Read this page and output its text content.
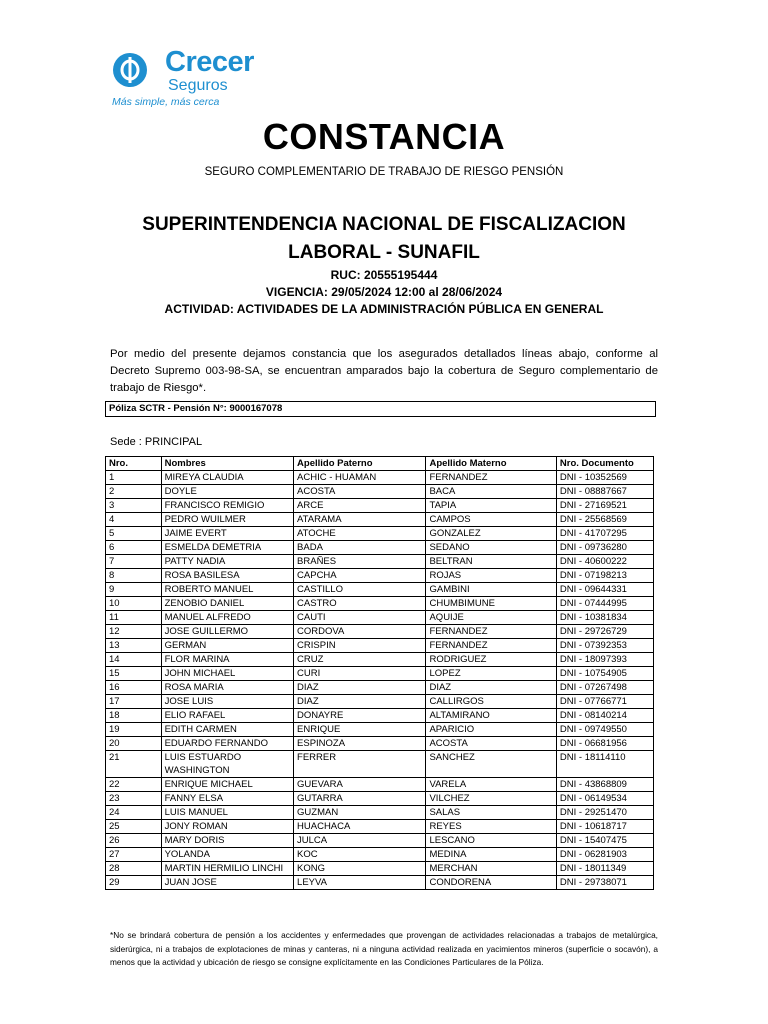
Crecer
Seguros
Más simple, más cerca
CONSTANCIA
SEGURO COMPLEMENTARIO DE TRABAJO DE RIESGO PENSIÓN
SUPERINTENDENCIA NACIONAL DE FISCALIZACION LABORAL - SUNAFIL
RUC: 20555195444
VIGENCIA: 29/05/2024 12:00 al 28/06/2024
ACTIVIDAD: ACTIVIDADES DE LA ADMINISTRACIÓN PÚBLICA EN GENERAL
Por medio del presente dejamos constancia que los asegurados detallados líneas abajo, conforme al Decreto Supremo 003-98-SA, se encuentran amparados bajo la cobertura de Seguro complementario de trabajo de Riesgo*.
Póliza SCTR - Pensión N°: 9000167078
Sede : PRINCIPAL
Nro.	Nombres	Apellido Paterno	Apellido Materno	Nro. Documento
1	MIREYA CLAUDIA	ACHIC - HUAMAN	FERNANDEZ	DNI - 10352569
2	DOYLE	ACOSTA	BACA	DNI - 08887667
3	FRANCISCO REMIGIO	ARCE	TAPIA	DNI - 27169521
4	PEDRO WUILMER	ATARAMA	CAMPOS	DNI - 25568569
5	JAIME EVERT	ATOCHE	GONZALEZ	DNI - 41707295
6	ESMELDA DEMETRIA	BADA	SEDANO	DNI - 09736280
7	PATTY NADIA	BRAÑES	BELTRAN	DNI - 40600222
8	ROSA BASILESA	CAPCHA	ROJAS	DNI - 07198213
9	ROBERTO MANUEL	CASTILLO	GAMBINI	DNI - 09644331
10	ZENOBIO DANIEL	CASTRO	CHUMBIMUNE	DNI - 07444995
11	MANUEL ALFREDO	CAUTI	AQUIJE	DNI - 10381834
12	JOSE GUILLERMO	CORDOVA	FERNANDEZ	DNI - 29726729
13	GERMAN	CRISPIN	FERNANDEZ	DNI - 07392353
14	FLOR MARINA	CRUZ	RODRIGUEZ	DNI - 18097393
15	JOHN MICHAEL	CURI	LOPEZ	DNI - 10754905
16	ROSA MARIA	DIAZ	DIAZ	DNI - 07267498
17	JOSE LUIS	DIAZ	CALLIRGOS	DNI - 07766771
18	ELIO RAFAEL	DONAYRE	ALTAMIRANO	DNI - 08140214
19	EDITH CARMEN	ENRIQUE	APARICIO	DNI - 09749550
20	EDUARDO FERNANDO	ESPINOZA	ACOSTA	DNI - 06681956
21	LUIS ESTUARDO WASHINGTON	FERRER	SANCHEZ	DNI - 18114110
22	ENRIQUE MICHAEL	GUEVARA	VARELA	DNI - 43868809
23	FANNY ELSA	GUTARRA	VILCHEZ	DNI - 06149534
24	LUIS MANUEL	GUZMAN	SALAS	DNI - 29251470
25	JONY ROMAN	HUACHACA	REYES	DNI - 10618717
26	MARY DORIS	JULCA	LESCANO	DNI - 15407475
27	YOLANDA	KOC	MEDINA	DNI - 06281903
28	MARTIN HERMILIO LINCHI	KONG	MERCHAN	DNI - 18011349
29	JUAN JOSE	LEYVA	CONDORENA	DNI - 29738071
*No se brindará cobertura de pensión a los accidentes y enfermedades que provengan de actividades relacionadas a trabajos de metalúrgica, siderúrgica, ni a trabajos de explotaciones de minas y canteras, ni a ninguna actividad realizada en yacimientos mineros (superficie o socavón), a menos que la actividad y ubicación de riesgo se consigne explícitamente en las Condiciones Particulares de la Póliza.
